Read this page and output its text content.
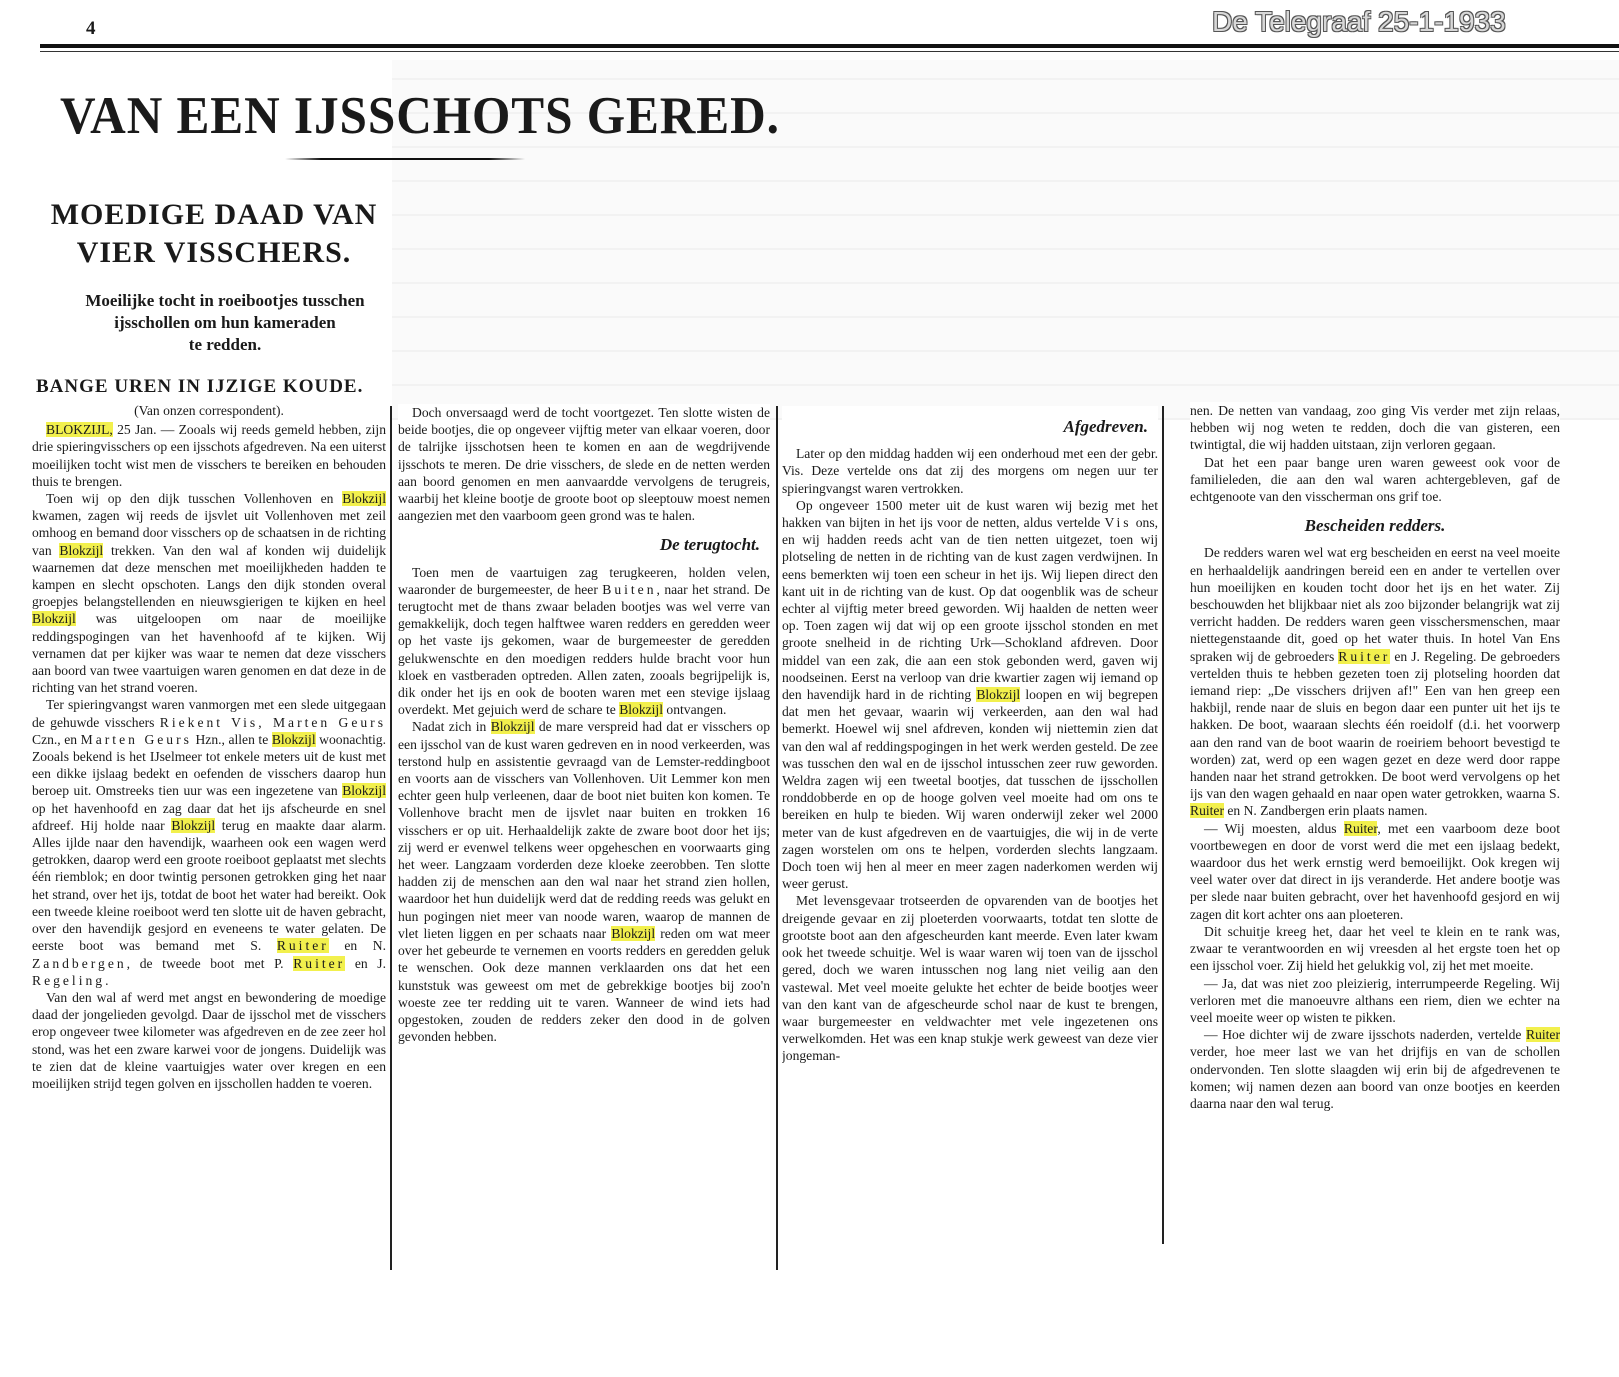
4	De Telegraaf 25-1-1933
VAN EEN IJSSCHOTS GERED.
MOEDIGE DAAD VAN
VIER VISSCHERS.

Moeilijke tocht in roeibootjes tusschen
ijsschollen om hun kameraden
te redden.

BANGE UREN IN IJZIGE KOUDE.

(Van onzen correspondent).

BLOKZIJL, 25 Jan. — Zooals wij reeds gemeld hebben, zijn drie spieringvisschers op een ijsschots afgedreven. Na een uiterst moeilijken tocht wist men de visschers te bereiken en behouden thuis te brengen.

Toen wij op den dijk tusschen Vollenhoven en Blokzijl kwamen, zagen wij reeds de ijsvlet uit Vollenhoven met zeil omhoog en bemand door visschers op de schaatsen in de richting van Blokzijl trekken. Van den wal af konden wij duidelijk waarnemen dat deze menschen met moeilijkheden hadden te kampen en slecht opschoten. Langs den dijk stonden overal groepjes belangstellenden en nieuwsgierigen te kijken en heel Blokzijl was uitgeloopen om naar de moeilijke reddingspogingen van het havenhoofd af te kijken. Wij vernamen dat per kijker was waar te nemen dat deze visschers aan boord van twee vaartuigen waren genomen en dat deze in de richting van het strand voeren.

Ter spieringvangst waren vanmorgen met een slede uitgegaan de gehuwde visschers Riekent Vis, Marten Geurs Czn., en Marten Geurs Hzn., allen te Blokzijl woonachtig. Zooals bekend is het IJselmeer tot enkele meters uit de kust met een dikke ijslaag bedekt en oefenden de visschers daarop hun beroep uit. Omstreeks tien uur was een ingezetene van Blokzijl op het havenhoofd en zag daar dat het ijs afscheurde en snel afdreef. Hij holde naar Blokzijl terug en maakte daar alarm. Alles ijlde naar den havendijk, waarheen ook een wagen werd getrokken, daarop werd een groote roeiboot geplaatst met slechts één riemblok; en door twintig personen getrokken ging het naar het strand, over het ijs, totdat de boot het water had bereikt. Ook een tweede kleine roeiboot werd ten slotte uit de haven gebracht, over den havendijk gesjord en eveneens te water gelaten. De eerste boot was bemand met S. Ruiter en N. Zandbergen, de tweede boot met P. Ruiter en J. Regeling.

Van den wal af werd met angst en bewondering de moedige daad der jongelieden gevolgd. Daar de ijsschol met de visschers erop ongeveer twee kilometer was afgedreven en de zee zeer hol stond, was het een zware karwei voor de jongens. Duidelijk was te zien dat de kleine vaartuigjes water over kregen en een moeilijken strijd tegen golven en ijsschollen hadden te voeren.

Doch onversaagd werd de tocht voortgezet. Ten slotte wisten de beide bootjes, die op ongeveer vijftig meter van elkaar voeren, door de talrijke ijsschotsen heen te komen en aan de wegdrijvende ijsschots te meren. De drie visschers, de slede en de netten werden aan boord genomen en men aanvaardde vervolgens de terugreis, waarbij het kleine bootje de groote boot op sleeptouw moest nemen aangezien met den vaarboom geen grond was te halen.

De terugtocht.

Toen men de vaartuigen zag terugkeeren, holden velen, waaronder de burgemeester, de heer Buiten, naar het strand. De terugtocht met de thans zwaar beladen bootjes was wel verre van gemakkelijk, doch tegen halftwee waren redders en geredden weer op het vaste ijs gekomen, waar de burgemeester de geredden gelukwenschte en den moedigen redders hulde bracht voor hun kloek en vastberaden optreden. Allen zaten, zooals begrijpelijk is, dik onder het ijs en ook de booten waren met een stevige ijslaag overdekt. Met gejuich werd de schare te Blokzijl ontvangen.

Nadat zich in Blokzijl de mare verspreid had dat er visschers op een ijsschol van de kust waren gedreven en in nood verkeerden, was terstond hulp en assistentie gevraagd van de Lemster-reddingboot en voorts aan de visschers van Vollenhoven. Uit Lemmer kon men echter geen hulp verleenen, daar de boot niet buiten kon komen. Te Vollenhove bracht men de ijsvlet naar buiten en trokken 16 visschers er op uit. Herhaaldelijk zakte de zware boot door het ijs; zij werd er evenwel telkens weer opgeheschen en voorwaarts ging het weer. Langzaam vorderden deze kloeke zeerobben. Ten slotte hadden zij de menschen aan den wal naar het strand zien hollen, waardoor het hun duidelijk werd dat de redding reeds was gelukt en hun pogingen niet meer van noode waren, waarop de mannen de vlet lieten liggen en per schaats naar Blokzijl reden om wat meer over het gebeurde te vernemen en voorts redders en geredden geluk te wenschen. Ook deze mannen verklaarden ons dat het een kunststuk was geweest om met de gebrekkige bootjes bij zoo'n woeste zee ter redding uit te varen. Wanneer de wind iets had opgestoken, zouden de redders zeker den dood in de golven gevonden hebben.

Afgedreven.

Later op den middag hadden wij een onderhoud met een der gebr. Vis. Deze vertelde ons dat zij des morgens om negen uur ter spieringvangst waren vertrokken.

Op ongeveer 1500 meter uit de kust waren wij bezig met het hakken van bijten in het ijs voor de netten, aldus vertelde Vis ons, en wij hadden reeds acht van de tien netten uitgezet, toen wij plotseling de netten in de richting van de kust zagen verdwijnen. In eens bemerkten wij toen een scheur in het ijs. Wij liepen direct den kant uit in de richting van de kust. Op dat oogenblik was de scheur echter al vijftig meter breed geworden. Wij haalden de netten weer op. Toen zagen wij dat wij op een groote ijsschol stonden en met groote snelheid in de richting Urk—Schokland afdreven. Door middel van een zak, die aan een stok gebonden werd, gaven wij noodseinen. Eerst na verloop van drie kwartier zagen wij iemand op den havendijk hard in de richting Blokzijl loopen en wij begrepen dat men het gevaar, waarin wij verkeerden, aan den wal had bemerkt. Hoewel wij snel afdreven, konden wij niettemin zien dat van den wal af reddingspogingen in het werk werden gesteld. De zee was tusschen den wal en de ijsschol intusschen zeer ruw geworden. Weldra zagen wij een tweetal bootjes, dat tusschen de ijsschollen ronddobberde en op de hooge golven veel moeite had om ons te bereiken en hulp te bieden. Wij waren onderwijl zeker wel 2000 meter van de kust afgedreven en de vaartuigjes, die wij in de verte zagen worstelen om ons te helpen, vorderden slechts langzaam. Doch toen wij hen al meer en meer zagen naderkomen werden wij weer gerust.

Met levensgevaar trotseerden de opvarenden van de bootjes het dreigende gevaar en zij ploeterden voorwaarts, totdat ten slotte de grootste boot aan den afgescheurden kant meerde. Even later kwam ook het tweede schuitje. Wel is waar waren wij toen van de ijsschol gered, doch we waren intusschen nog lang niet veilig aan den vastewal. Met veel moeite gelukte het echter de beide bootjes weer van den kant van de afgescheurde schol naar de kust te brengen, waar burgemeester en veldwachter met vele ingezetenen ons verwelkomden. Het was een knap stukje werk geweest van deze vier jongeman-

nen. De netten van vandaag, zoo ging Vis verder met zijn relaas, hebben wij nog weten te redden, doch die van gisteren, een twintigtal, die wij hadden uitstaan, zijn verloren gegaan.

Dat het een paar bange uren waren geweest ook voor de familieleden, die aan den wal waren achtergebleven, gaf de echtgenoote van den visscherman ons grif toe.

Bescheiden redders.

De redders waren wel wat erg bescheiden en eerst na veel moeite en herhaaldelijk aandringen bereid een en ander te vertellen over hun moeilijken en kouden tocht door het ijs en het water. Zij beschouwden het blijkbaar niet als zoo bijzonder belangrijk wat zij verricht hadden. De redders waren geen visschersmenschen, maar niettegenstaande dit, goed op het water thuis. In hotel Van Ens spraken wij de gebroeders Ruiter en J. Regeling. De gebroeders vertelden thuis te hebben gezeten toen zij plotseling hoorden dat iemand riep: „De visschers drijven af!" Een van hen greep een hakbijl, rende naar de sluis en begon daar een punter uit het ijs te hakken. De boot, waaraan slechts één roeidolf (d.i. het voorwerp aan den rand van de boot waarin de roeiriem behoort bevestigd te worden) zat, werd op een wagen gezet en deze werd door rappe handen naar het strand getrokken. De boot werd vervolgens op het ijs van den wagen gehaald en naar open water getrokken, waarna S. Ruiter en N. Zandbergen erin plaats namen.

— Wij moesten, aldus Ruiter, met een vaarboom deze boot voortbewegen en door de vorst werd die met een ijslaag bedekt, waardoor dus het werk ernstig werd bemoeilijkt. Ook kregen wij veel water over dat direct in ijs veranderde. Het andere bootje was per slede naar buiten gebracht, over het havenhoofd gesjord en wij zagen dit kort achter ons aan ploeteren.

Dit schuitje kreeg het, daar het veel te klein en te rank was, zwaar te verantwoorden en wij vreesden al het ergste toen het op een ijsschol voer. Zij hield het gelukkig vol, zij het met moeite.

— Ja, dat was niet zoo pleizierig, interrumpeerde Regeling. Wij verloren met die manoeuvre althans een riem, dien we echter na veel moeite weer op wisten te pikken.

— Hoe dichter wij de zware ijsschots naderden, vertelde Ruiter verder, hoe meer last we van het drijfijs en van de schollen ondervonden. Ten slotte slaagden wij erin bij de afgedrevenen te komen; wij namen dezen aan boord van onze bootjes en keerden daarna naar den wal terug.
